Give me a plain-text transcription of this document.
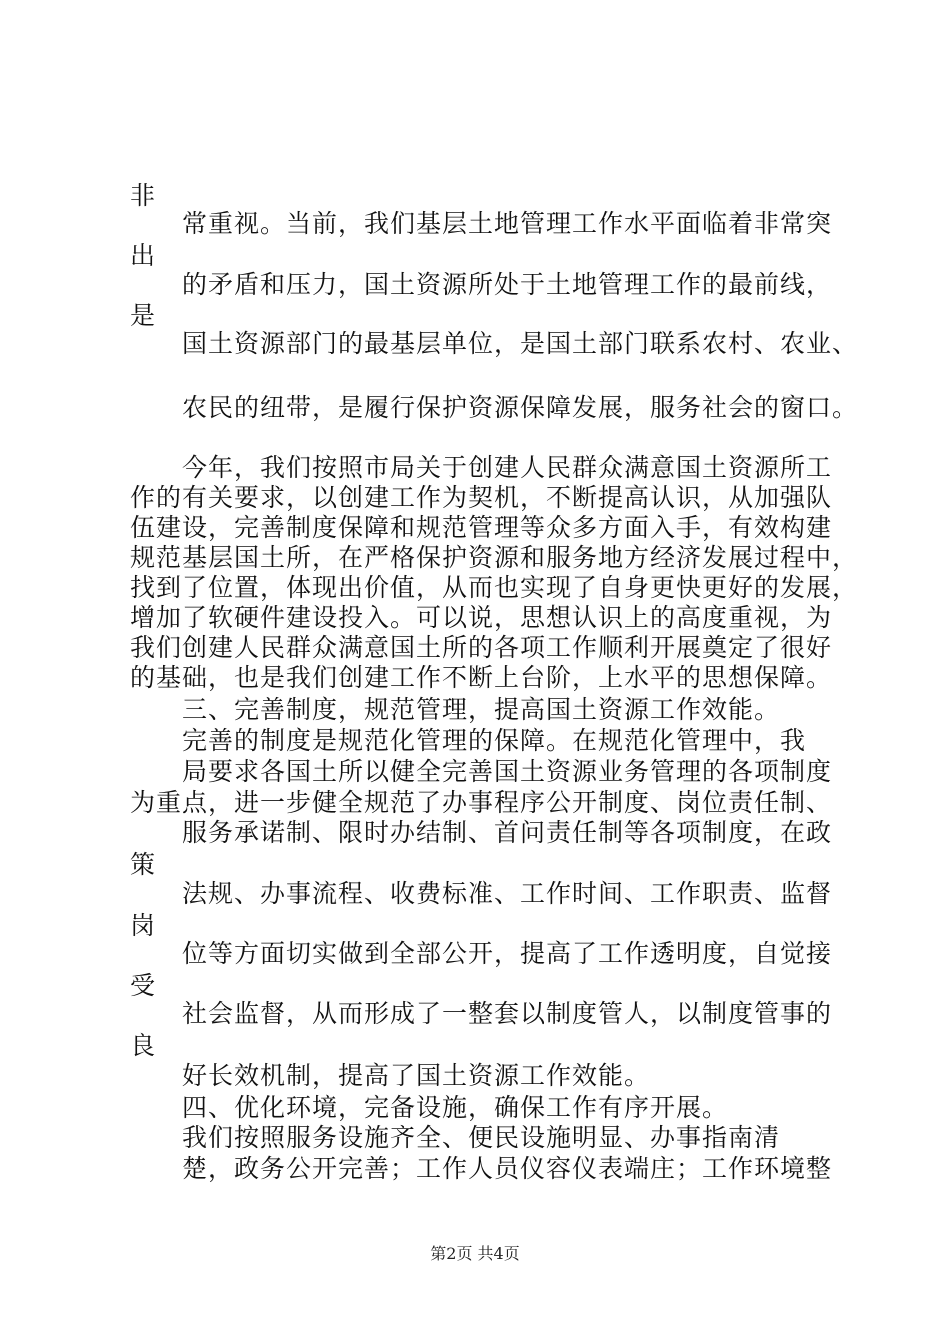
非
常重视。当前，我们基层土地管理工作水平面临着非常突
出
的矛盾和压力，国土资源所处于土地管理工作的最前线，
是
国土资源部门的最基层单位，是国土部门联系农村、农业、
农民的纽带，是履行保护资源保障发展，服务社会的窗口。
今年，我们按照市局关于创建人民群众满意国土资源所工
作的有关要求，以创建工作为契机，不断提高认识，从加强队
伍建设，完善制度保障和规范管理等众多方面入手，有效构建
规范基层国土所，在严格保护资源和服务地方经济发展过程中，
找到了位置，体现出价值，从而也实现了自身更快更好的发展，
增加了软硬件建设投入。可以说，思想认识上的高度重视，为
我们创建人民群众满意国土所的各项工作顺利开展奠定了很好
的基础，也是我们创建工作不断上台阶，上水平的思想保障。
三、完善制度，规范管理，提高国土资源工作效能。
完善的制度是规范化管理的保障。在规范化管理中，我
局要求各国土所以健全完善国土资源业务管理的各项制度
为重点，进一步健全规范了办事程序公开制度、岗位责任制、
服务承诺制、限时办结制、首问责任制等各项制度，在政
策
法规、办事流程、收费标准、工作时间、工作职责、监督
岗
位等方面切实做到全部公开，提高了工作透明度，自觉接
受
社会监督，从而形成了一整套以制度管人，以制度管事的
良
好长效机制，提高了国土资源工作效能。
四、优化环境，完备设施，确保工作有序开展。
我们按照服务设施齐全、便民设施明显、办事指南清
楚，政务公开完善；工作人员仪容仪表端庄；工作环境整
第2页 共4页
